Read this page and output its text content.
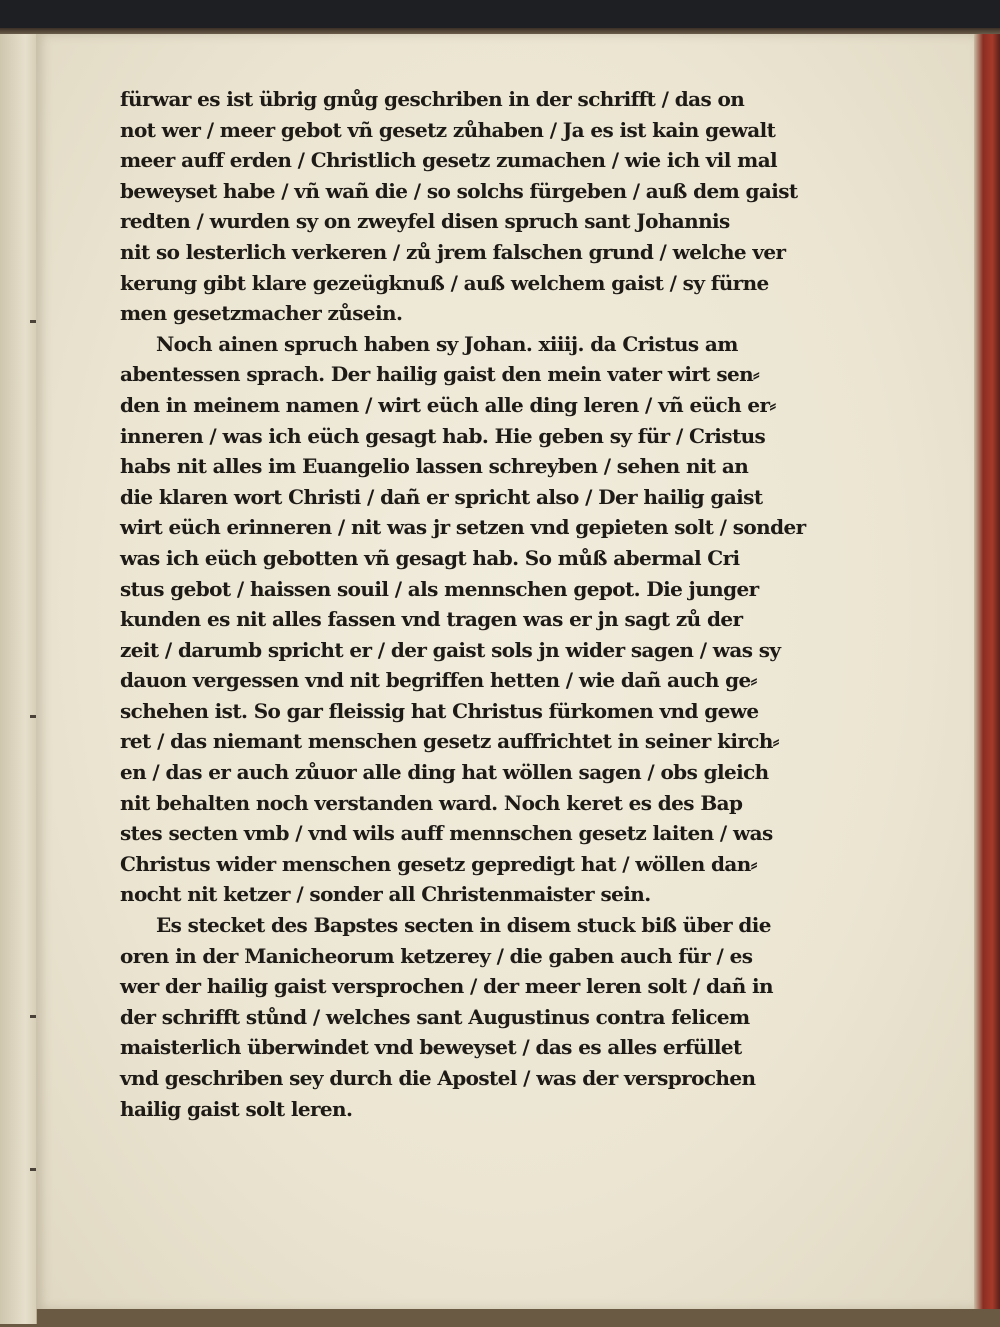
fürwar es ist übrig gnůg geschriben in der schrifft / das on
not wer / meer gebot vñ gesetz zůhaben / Ja es ist kain gewalt
meer auff erden / Christlich gesetz zumachen / wie ich vil mal
beweyset habe / vñ wañ die / so solchs fürgeben / auß dem gaist
redten / wurden sy on zweyfel disen spruch sant Johannis
nit so lesterlich verkeren / zů jrem falschen grund / welche ver
kerung gibt klare gezeügknuß / auß welchem gaist / sy fürne
men gesetzmacher zůsein.
Noch ainen spruch haben sy Johan. xiiij. da Cristus am
abentessen sprach. Der hailig gaist den mein vater wirt sen⸗
den in meinem namen / wirt eüch alle ding leren / vñ eüch er⸗
inneren / was ich eüch gesagt hab. Hie geben sy für / Cristus
habs nit alles im Euangelio lassen schreyben / sehen nit an
die klaren wort Christi / dañ er spricht also / Der hailig gaist
wirt eüch erinneren / nit was jr setzen vnd gepieten solt / sonder
was ich eüch gebotten vñ gesagt hab. So můß abermal Cri
stus gebot / haissen souil / als mennschen gepot. Die junger
kunden es nit alles fassen vnd tragen was er jn sagt zů der
zeit / darumb spricht er / der gaist sols jn wider sagen / was sy
dauon vergessen vnd nit begriffen hetten / wie dañ auch ge⸗
schehen ist. So gar fleissig hat Christus fürkomen vnd gewe
ret / das niemant menschen gesetz auffrichtet in seiner kirch⸗
en / das er auch zůuor alle ding hat wöllen sagen / obs gleich
nit behalten noch verstanden ward. Noch keret es des Bap
stes secten vmb / vnd wils auff mennschen gesetz laiten / was
Christus wider menschen gesetz gepredigt hat / wöllen dan⸗
nocht nit ketzer / sonder all Christenmaister sein.
Es stecket des Bapstes secten in disem stuck biß über die
oren in der Manicheorum ketzerey / die gaben auch für / es
wer der hailig gaist versprochen / der meer leren solt / dañ in
der schrifft stůnd / welches sant Augustinus contra felicem
maisterlich überwindet vnd beweyset / das es alles erfüllet
vnd geschriben sey durch die Apostel / was der versprochen
hailig gaist solt leren.
